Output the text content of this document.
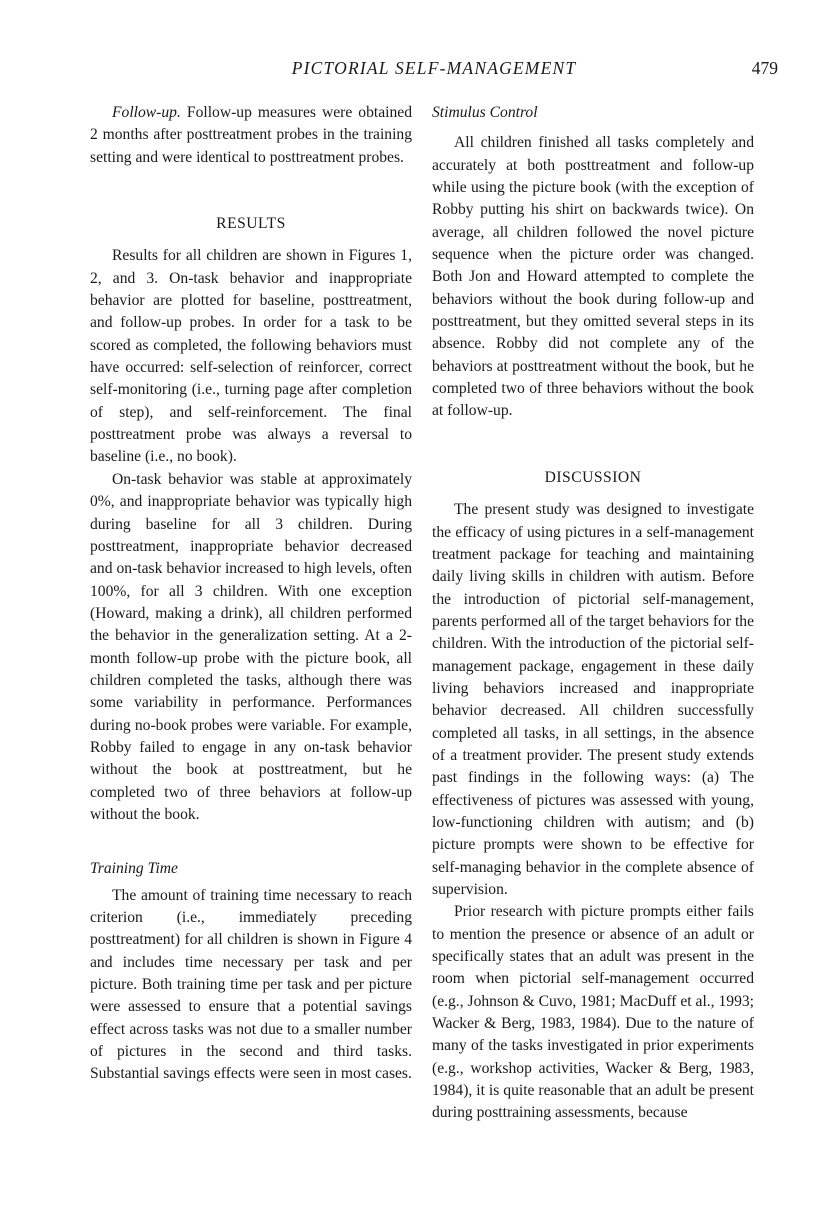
PICTORIAL SELF-MANAGEMENT	479

Follow-up. Follow-up measures were obtained 2 months after posttreatment probes in the training setting and were identical to posttreatment probes.

RESULTS

Results for all children are shown in Figures 1, 2, and 3. On-task behavior and inappropriate behavior are plotted for baseline, posttreatment, and follow-up probes. In order for a task to be scored as completed, the following behaviors must have occurred: self-selection of reinforcer, correct self-monitoring (i.e., turning page after completion of step), and self-reinforcement. The final posttreatment probe was always a reversal to baseline (i.e., no book).

On-task behavior was stable at approximately 0%, and inappropriate behavior was typically high during baseline for all 3 children. During posttreatment, inappropriate behavior decreased and on-task behavior increased to high levels, often 100%, for all 3 children. With one exception (Howard, making a drink), all children performed the behavior in the generalization setting. At a 2-month follow-up probe with the picture book, all children completed the tasks, although there was some variability in performance. Performances during no-book probes were variable. For example, Robby failed to engage in any on-task behavior without the book at posttreatment, but he completed two of three behaviors at follow-up without the book.

Training Time

The amount of training time necessary to reach criterion (i.e., immediately preceding posttreatment) for all children is shown in Figure 4 and includes time necessary per task and per picture. Both training time per task and per picture were assessed to ensure that a potential savings effect across tasks was not due to a smaller number of pictures in the second and third tasks. Substantial savings effects were seen in most cases.

Stimulus Control

All children finished all tasks completely and accurately at both posttreatment and follow-up while using the picture book (with the exception of Robby putting his shirt on backwards twice). On average, all children followed the novel picture sequence when the picture order was changed. Both Jon and Howard attempted to complete the behaviors without the book during follow-up and posttreatment, but they omitted several steps in its absence. Robby did not complete any of the behaviors at posttreatment without the book, but he completed two of three behaviors without the book at follow-up.

DISCUSSION

The present study was designed to investigate the efficacy of using pictures in a self-management treatment package for teaching and maintaining daily living skills in children with autism. Before the introduction of pictorial self-management, parents performed all of the target behaviors for the children. With the introduction of the pictorial self-management package, engagement in these daily living behaviors increased and inappropriate behavior decreased. All children successfully completed all tasks, in all settings, in the absence of a treatment provider. The present study extends past findings in the following ways: (a) The effectiveness of pictures was assessed with young, low-functioning children with autism; and (b) picture prompts were shown to be effective for self-managing behavior in the complete absence of supervision.

Prior research with picture prompts either fails to mention the presence or absence of an adult or specifically states that an adult was present in the room when pictorial self-management occurred (e.g., Johnson & Cuvo, 1981; MacDuff et al., 1993; Wacker & Berg, 1983, 1984). Due to the nature of many of the tasks investigated in prior experiments (e.g., workshop activities, Wacker & Berg, 1983, 1984), it is quite reasonable that an adult be present during posttraining assessments, because
